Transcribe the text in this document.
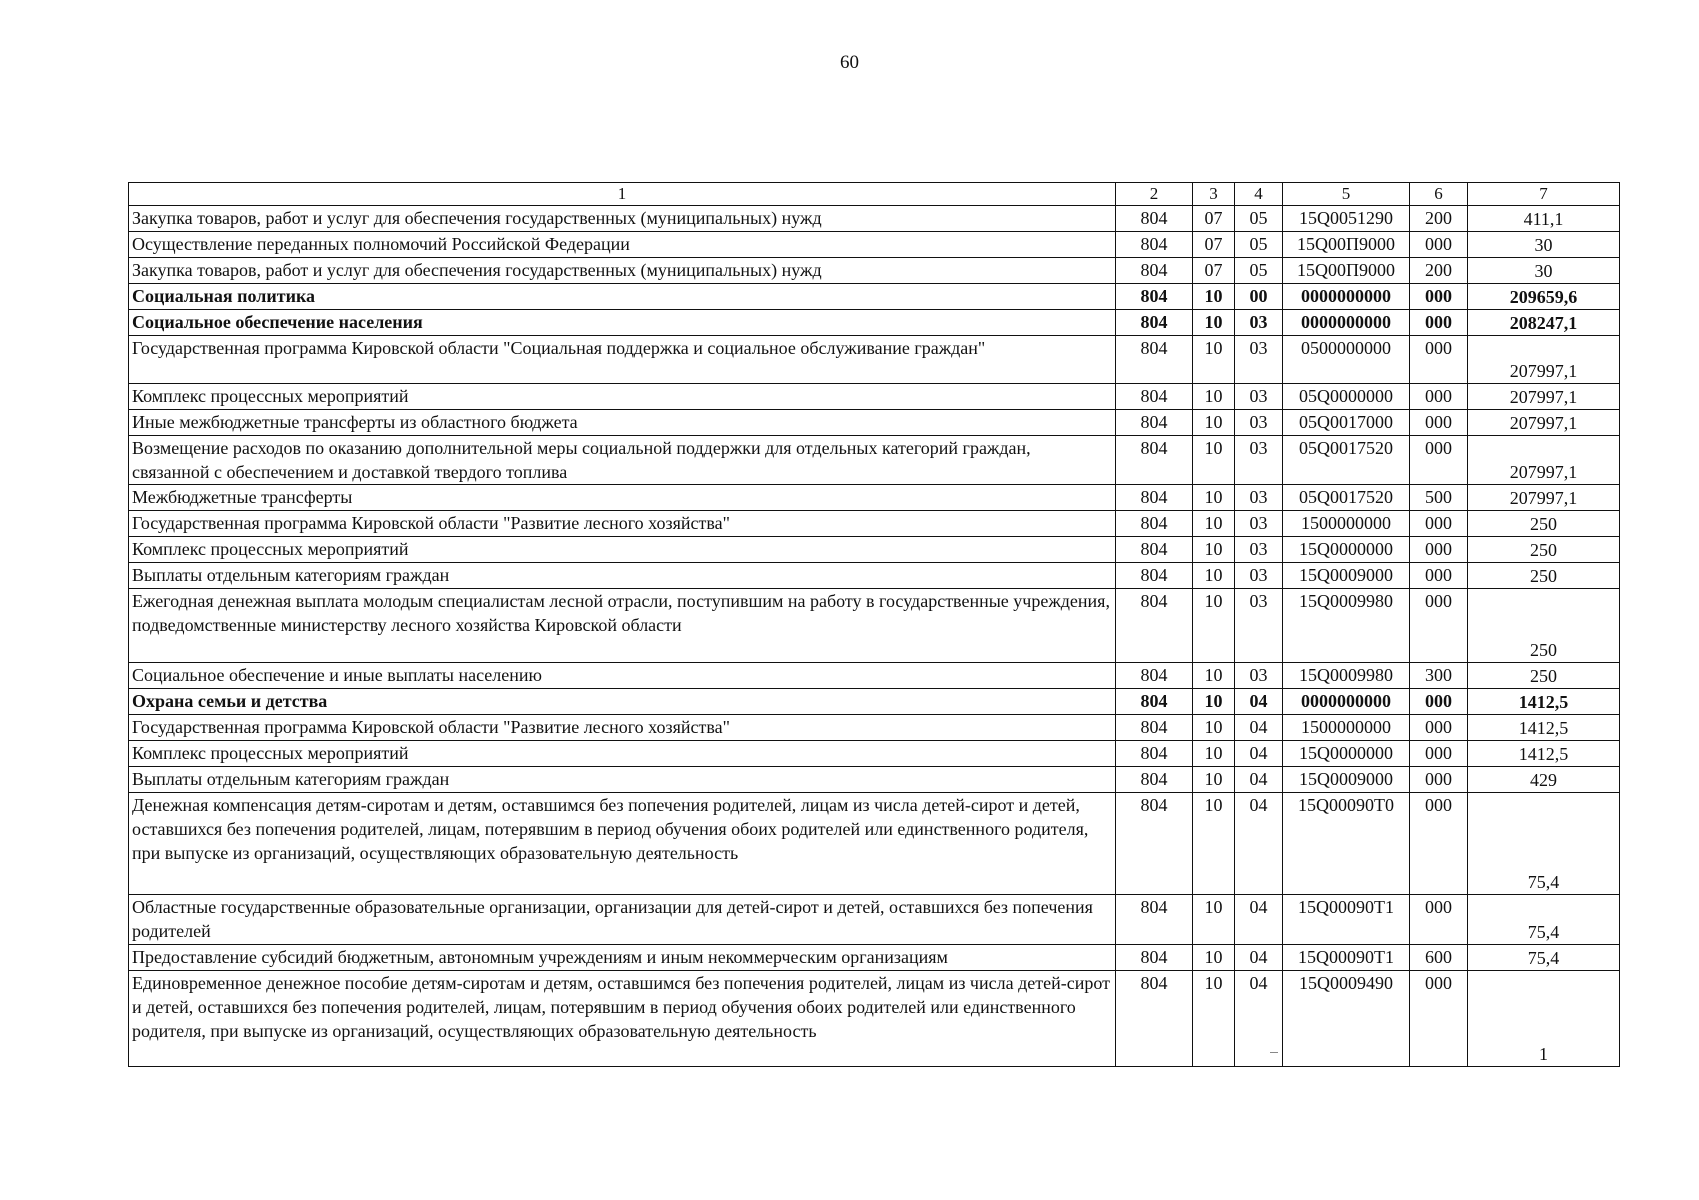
60
1	2	3	4	5	6	7
Закупка товаров, работ и услуг для обеспечения государственных (муниципальных) нужд	804	07	05	15Q0051290	200	411,1
Осуществление переданных полномочий Российской Федерации	804	07	05	15Q00П9000	000	30
Закупка товаров, работ и услуг для обеспечения государственных (муниципальных) нужд	804	07	05	15Q00П9000	200	30
Социальная политика	804	10	00	0000000000	000	209659,6
Социальное обеспечение населения	804	10	03	0000000000	000	208247,1
Государственная программа Кировской области "Социальная поддержка и социальное обслуживание граждан"	804	10	03	0500000000	000	207997,1
Комплекс процессных мероприятий	804	10	03	05Q0000000	000	207997,1
Иные межбюджетные трансферты из областного бюджета	804	10	03	05Q0017000	000	207997,1
Возмещение расходов по оказанию дополнительной меры социальной поддержки для отдельных категорий граждан, связанной с обеспечением и доставкой твердого топлива	804	10	03	05Q0017520	000	207997,1
Межбюджетные трансферты	804	10	03	05Q0017520	500	207997,1
Государственная программа Кировской области "Развитие лесного хозяйства"	804	10	03	1500000000	000	250
Комплекс процессных мероприятий	804	10	03	15Q0000000	000	250
Выплаты отдельным категориям граждан	804	10	03	15Q0009000	000	250
Ежегодная денежная выплата молодым специалистам лесной отрасли, поступившим на работу в государственные учреждения, подведомственные министерству лесного хозяйства Кировской области	804	10	03	15Q0009980	000	250
Социальное обеспечение и иные выплаты населению	804	10	03	15Q0009980	300	250
Охрана семьи и детства	804	10	04	0000000000	000	1412,5
Государственная программа Кировской области "Развитие лесного хозяйства"	804	10	04	1500000000	000	1412,5
Комплекс процессных мероприятий	804	10	04	15Q0000000	000	1412,5
Выплаты отдельным категориям граждан	804	10	04	15Q0009000	000	429
Денежная компенсация детям-сиротам и детям, оставшимся без попечения родителей, лицам из числа детей-сирот и детей, оставшихся без попечения родителей, лицам, потерявшим в период обучения обоих родителей или единственного родителя, при выпуске из организаций, осуществляющих образовательную деятельность	804	10	04	15Q00090Т0	000	75,4
Областные государственные образовательные организации, организации для детей-сирот и детей, оставшихся без попечения родителей	804	10	04	15Q00090Т1	000	75,4
Предоставление субсидий бюджетным, автономным учреждениям и иным некоммерческим организациям	804	10	04	15Q00090Т1	600	75,4
Единовременное денежное пособие детям-сиротам и детям, оставшимся без попечения родителей, лицам из числа детей-сирот и детей, оставшихся без попечения родителей, лицам, потерявшим в период обучения обоих родителей или единственного родителя, при выпуске из организаций, осуществляющих образовательную деятельность	804	10	04	15Q0009490	000	1
